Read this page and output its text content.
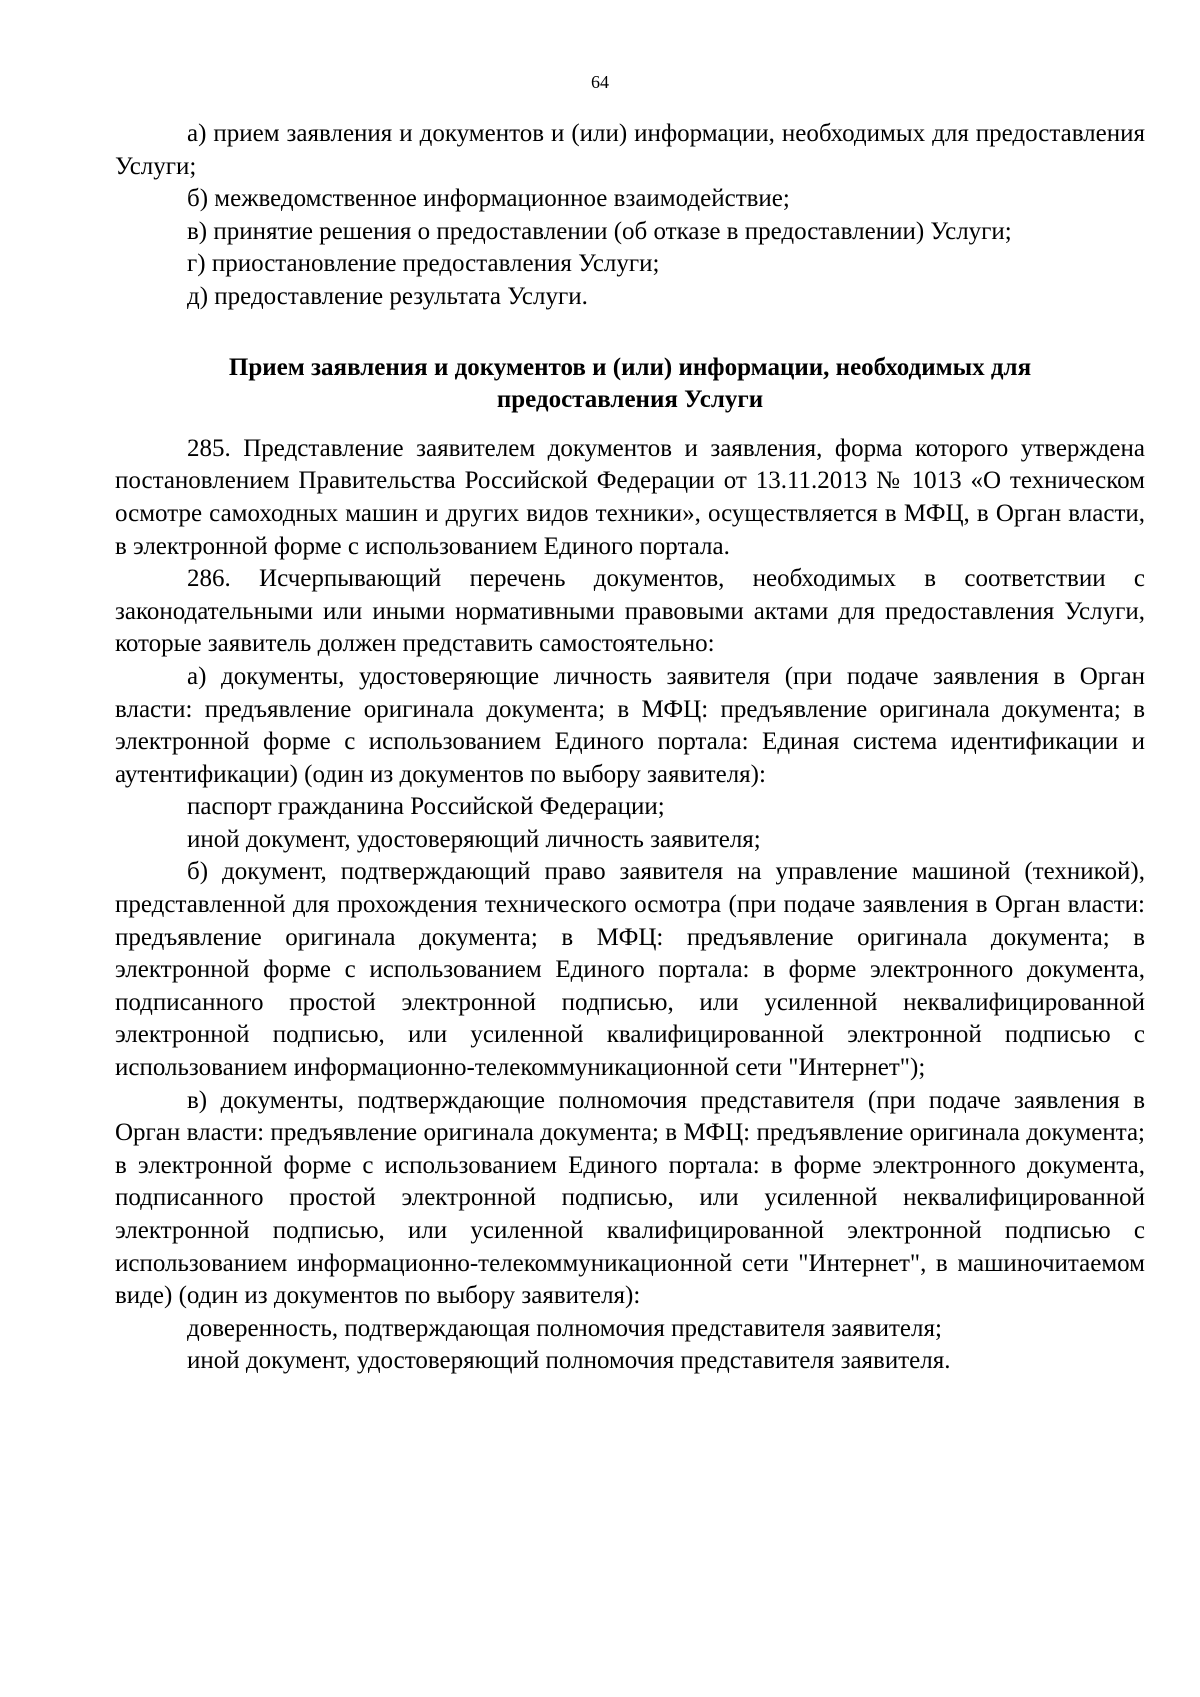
64

а) прием заявления и документов и (или) информации, необходимых для предоставления Услуги;

б) межведомственное информационное взаимодействие;

в) принятие решения о предоставлении (об отказе в предоставлении) Услуги;

г) приостановление предоставления Услуги;

д) предоставление результата Услуги.

Прием заявления и документов и (или) информации, необходимых для предоставления Услуги

285. Представление заявителем документов и заявления, форма которого утверждена постановлением Правительства Российской Федерации от 13.11.2013 № 1013 «О техническом осмотре самоходных машин и других видов техники», осуществляется в МФЦ, в Орган власти, в электронной форме с использованием Единого портала.

286. Исчерпывающий перечень документов, необходимых в соответствии с законодательными или иными нормативными правовыми актами для предоставления Услуги, которые заявитель должен представить самостоятельно:

а) документы, удостоверяющие личность заявителя (при подаче заявления в Орган власти: предъявление оригинала документа; в МФЦ: предъявление оригинала документа; в электронной форме с использованием Единого портала: Единая система идентификации и аутентификации) (один из документов по выбору заявителя):

паспорт гражданина Российской Федерации;

иной документ, удостоверяющий личность заявителя;

б) документ, подтверждающий право заявителя на управление машиной (техникой), представленной для прохождения технического осмотра (при подаче заявления в Орган власти: предъявление оригинала документа; в МФЦ: предъявление оригинала документа; в электронной форме с использованием Единого портала: в форме электронного документа, подписанного простой электронной подписью, или усиленной неквалифицированной электронной подписью, или усиленной квалифицированной электронной подписью с использованием информационно-телекоммуникационной сети "Интернет");

в) документы, подтверждающие полномочия представителя (при подаче заявления в Орган власти: предъявление оригинала документа; в МФЦ: предъявление оригинала документа; в электронной форме с использованием Единого портала: в форме электронного документа, подписанного простой электронной подписью, или усиленной неквалифицированной электронной подписью, или усиленной квалифицированной электронной подписью с использованием информационно-телекоммуникационной сети "Интернет", в машиночитаемом виде) (один из документов по выбору заявителя):

доверенность, подтверждающая полномочия представителя заявителя;

иной документ, удостоверяющий полномочия представителя заявителя.
